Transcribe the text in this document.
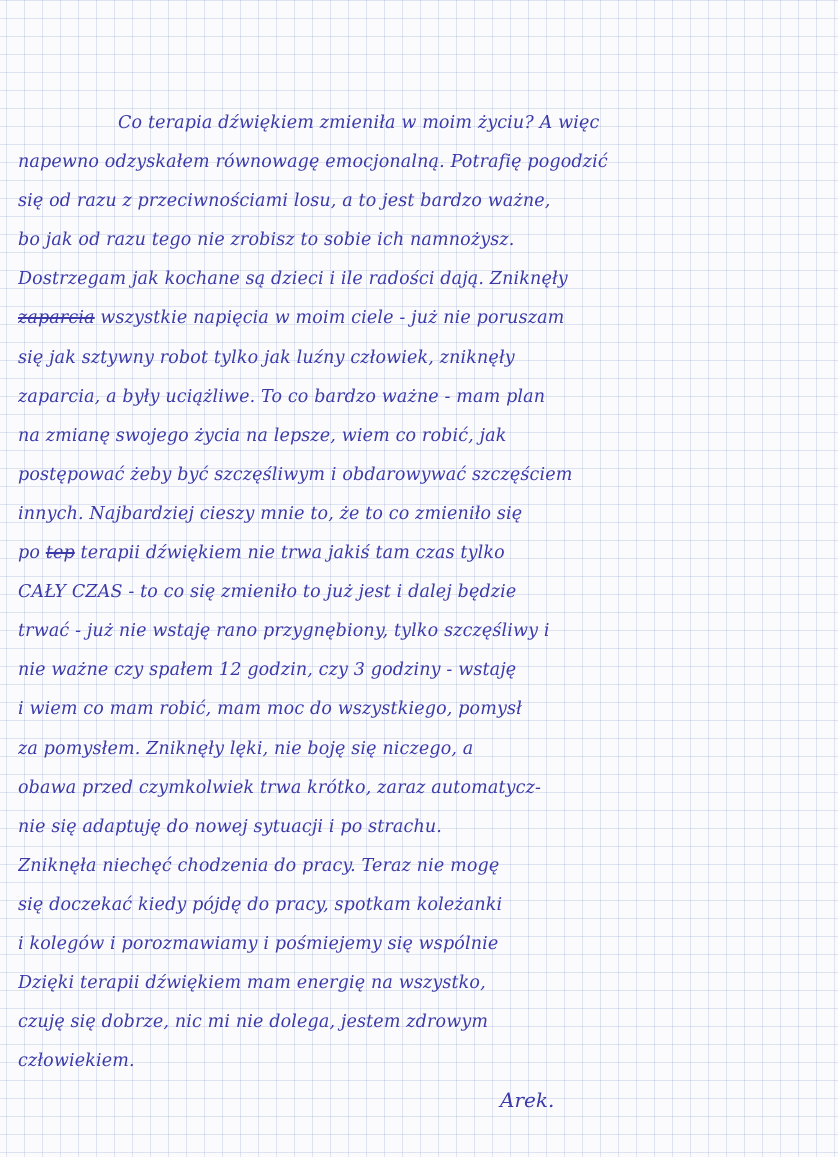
Co terapia dźwiękiem zmieniła w moim życiu? A więc
napewno odzyskałem równowagę emocjonalną. Potrafię pogodzić
się od razu z przeciwnościami losu, a to jest bardzo ważne,
bo jak od razu tego nie zrobisz to sobie ich namnożysz.
Dostrzegam jak kochane są dzieci i ile radości dają. Zniknęły
zaparcia wszystkie napięcia w moim ciele - już nie poruszam
się jak sztywny robot tylko jak luźny człowiek, zniknęły
zaparcia, a były uciążliwe. To co bardzo ważne - mam plan
na zmianę swojego życia na lepsze, wiem co robić, jak
postępować żeby być szczęśliwym i obdarowywać szczęściem
innych. Najbardziej cieszy mnie to, że to co zmieniło się
po tep terapii dźwiękiem nie trwa jakiś tam czas tylko
CAŁY CZAS - to co się zmieniło to już jest i dalej będzie
trwać - już nie wstaję rano przygnębiony, tylko szczęśliwy i
nie ważne czy spałem 12 godzin, czy 3 godziny - wstaję
i wiem co mam robić, mam moc do wszystkiego, pomysł
za pomysłem. Zniknęły lęki, nie boję się niczego, a
obawa przed czymkolwiek trwa krótko, zaraz automatycz-
nie się adaptuję do nowej sytuacji i po strachu.
Zniknęła niechęć chodzenia do pracy. Teraz nie mogę
się doczekać kiedy pójdę do pracy, spotkam koleżanki
i kolegów i porozmawiamy i pośmiejemy się wspólnie
Dzięki terapii dźwiękiem mam energię na wszystko,
czuję się dobrze, nic mi nie dolega, jestem zdrowym
człowiekiem.
Arek.
